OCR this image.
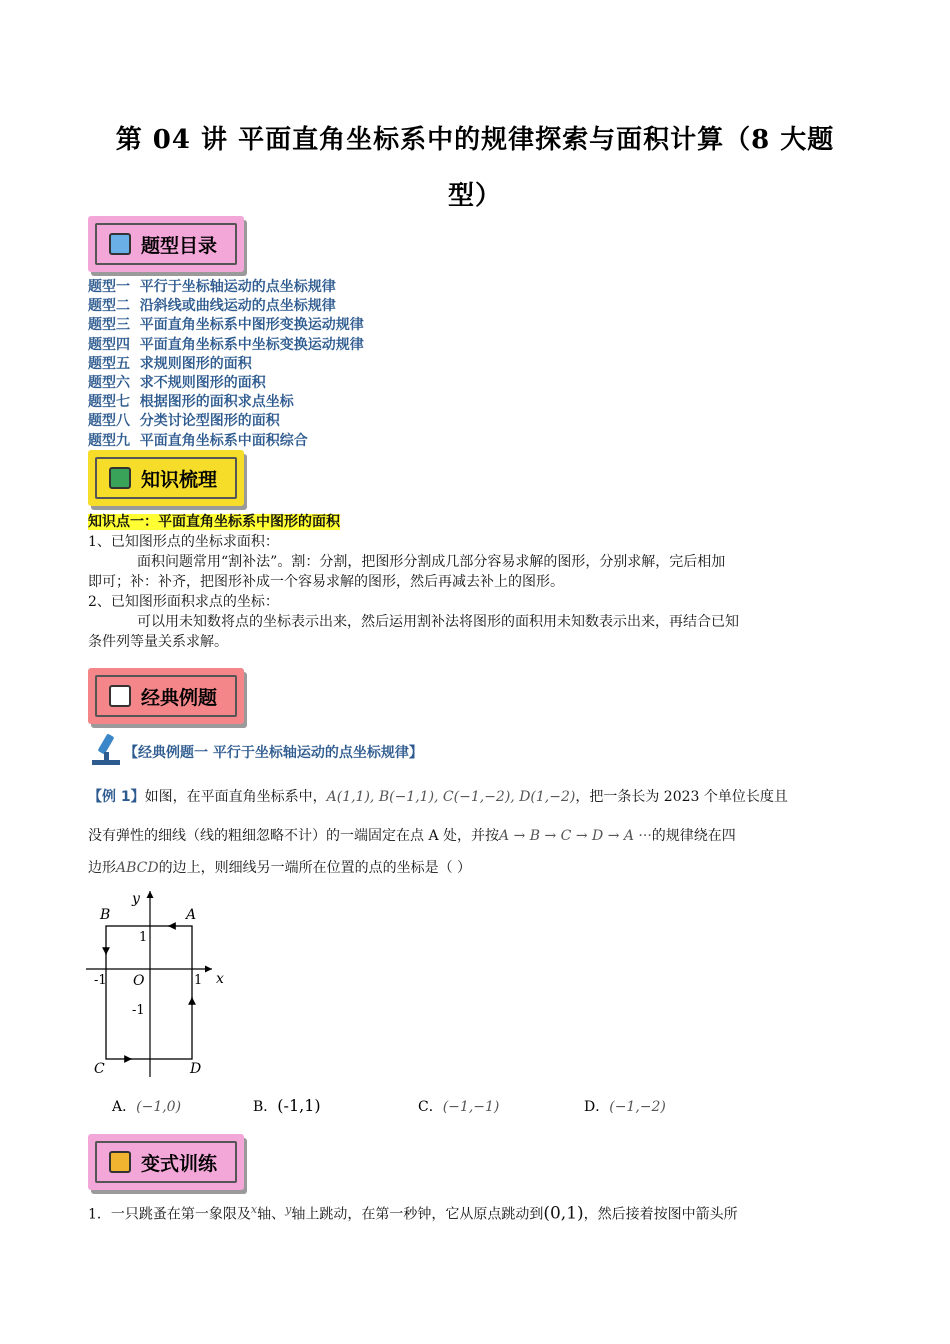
第 04 讲 平面直角坐标系中的规律探索与面积计算（8 大题
型）
题型目录
题型一  平行于坐标轴运动的点坐标规律
题型二  沿斜线或曲线运动的点坐标规律
题型三  平面直角坐标系中图形变换运动规律
题型四  平面直角坐标系中坐标变换运动规律
题型五  求规则图形的面积
题型六  求不规则图形的面积
题型七  根据图形的面积求点坐标
题型八  分类讨论型图形的面积
题型九  平面直角坐标系中面积综合
知识梳理
知识点一：平面直角坐标系中图形的面积
1、已知图形点的坐标求面积：
面积问题常用“割补法”。割：分割，把图形分割成几部分容易求解的图形，分别求解，完后相加
即可；补：补齐，把图形补成一个容易求解的图形，然后再减去补上的图形。
2、已知图形面积求点的坐标：
可以用未知数将点的坐标表示出来，然后运用割补法将图形的面积用未知数表示出来，再结合已知
条件列等量关系求解。
经典例题
【经典例题一 平行于坐标轴运动的点坐标规律】
【例 1】如图，在平面直角坐标系中，A(1,1), B(−1,1), C(−1,−2), D(1,−2)，把一条长为 2023 个单位长度且
没有弹性的细线（线的粗细忽略不计）的一端固定在点 A 处，并按A → B → C → D → A ···的规律绕在四
边形ABCD的边上，则细线另一端所在位置的点的坐标是（ ）
A
B
C	D
O	x
y
1
-1
1
-1
A．(−1,0)	B．(-1,1)	C．(−1,−1)	D．(−1,−2)
变式训练
1．一只跳蚤在第一象限及$^x$轴、$^y$轴上跳动，在第一秒钟，它从原点跳动到(0,1)，然后接着按图中箭头所
